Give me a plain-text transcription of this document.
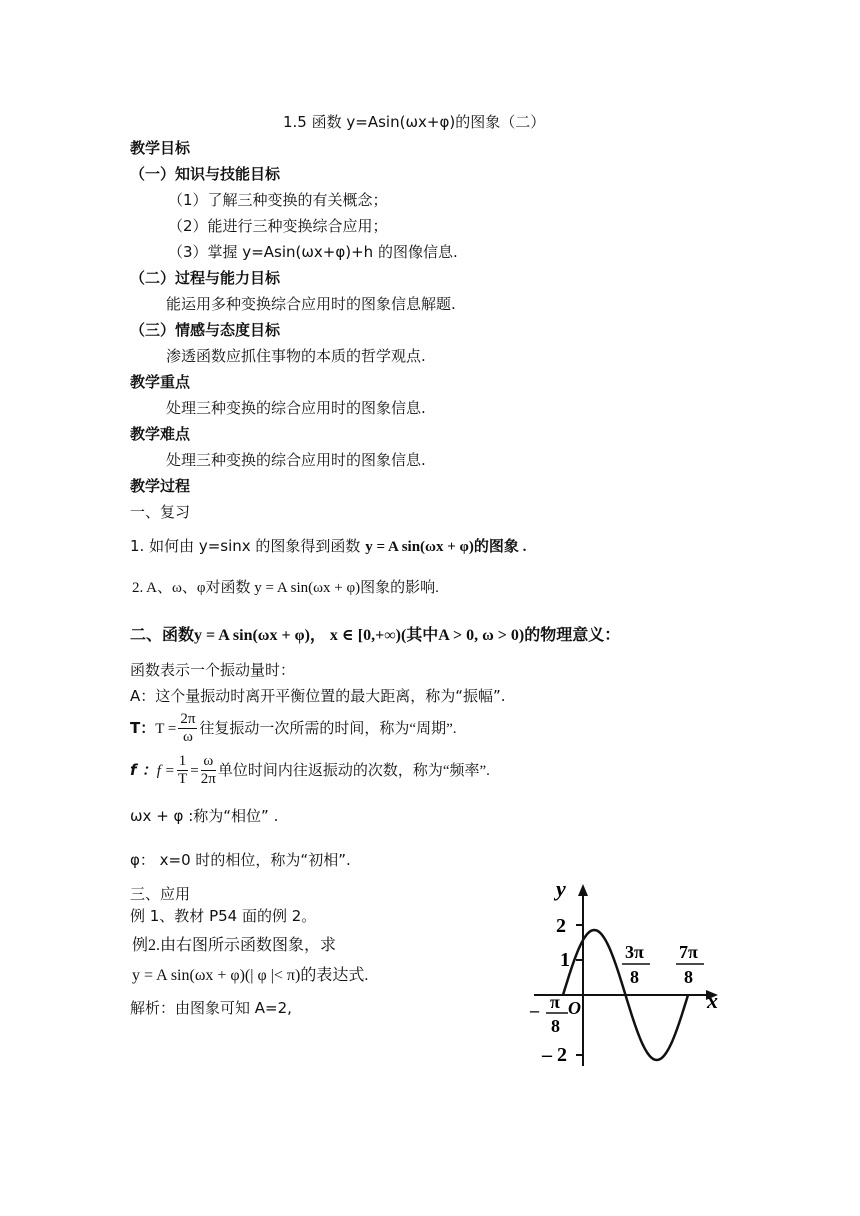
1.5 函数 y=Asin(ωx+φ)的图象（二）
教学目标
（一）知识与技能目标
（1）了解三种变换的有关概念；
（2）能进行三种变换综合应用；
（3）掌握 y=Asin(ωx+φ)+h 的图像信息.
（二）过程与能力目标
能运用多种变换综合应用时的图象信息解题.
（三）情感与态度目标
渗透函数应抓住事物的本质的哲学观点.
教学重点
处理三种变换的综合应用时的图象信息.
教学难点
处理三种变换的综合应用时的图象信息.
教学过程
一、复习
1. 如何由 y=sinx 的图象得到函数 y = A sin(ωx + φ)的图象 .
2. A、ω、φ对函数 y = A sin(ωx + φ)图象的影响.
二、函数y = A sin(ωx + φ)， x ∈ [0,+∞)(其中A > 0, ω > 0)的物理意义：
函数表示一个振动量时：
A：这个量振动时离开平衡位置的最大距离，称为“振幅”.
T：$T = \frac{2\pi}{\omega}$ 往复振动一次所需的时间，称为“周期”.
f ：$f = \frac{1}{T} = \frac{\omega}{2\pi}$ 单位时间内往返振动的次数，称为“频率”.
ωx + φ :称为“相位” .
φ： x=0 时的相位，称为“初相”.
三、应用
例 1、教材 P54 面的例 2。
例2.由右图所示函数图象，求
y = A sin(ωx + φ)(| φ |< π)的表达式.
解析：由图象可知 A=2,
y
x
O
2
1
– 2
– π
8
3π
8
7π
8
